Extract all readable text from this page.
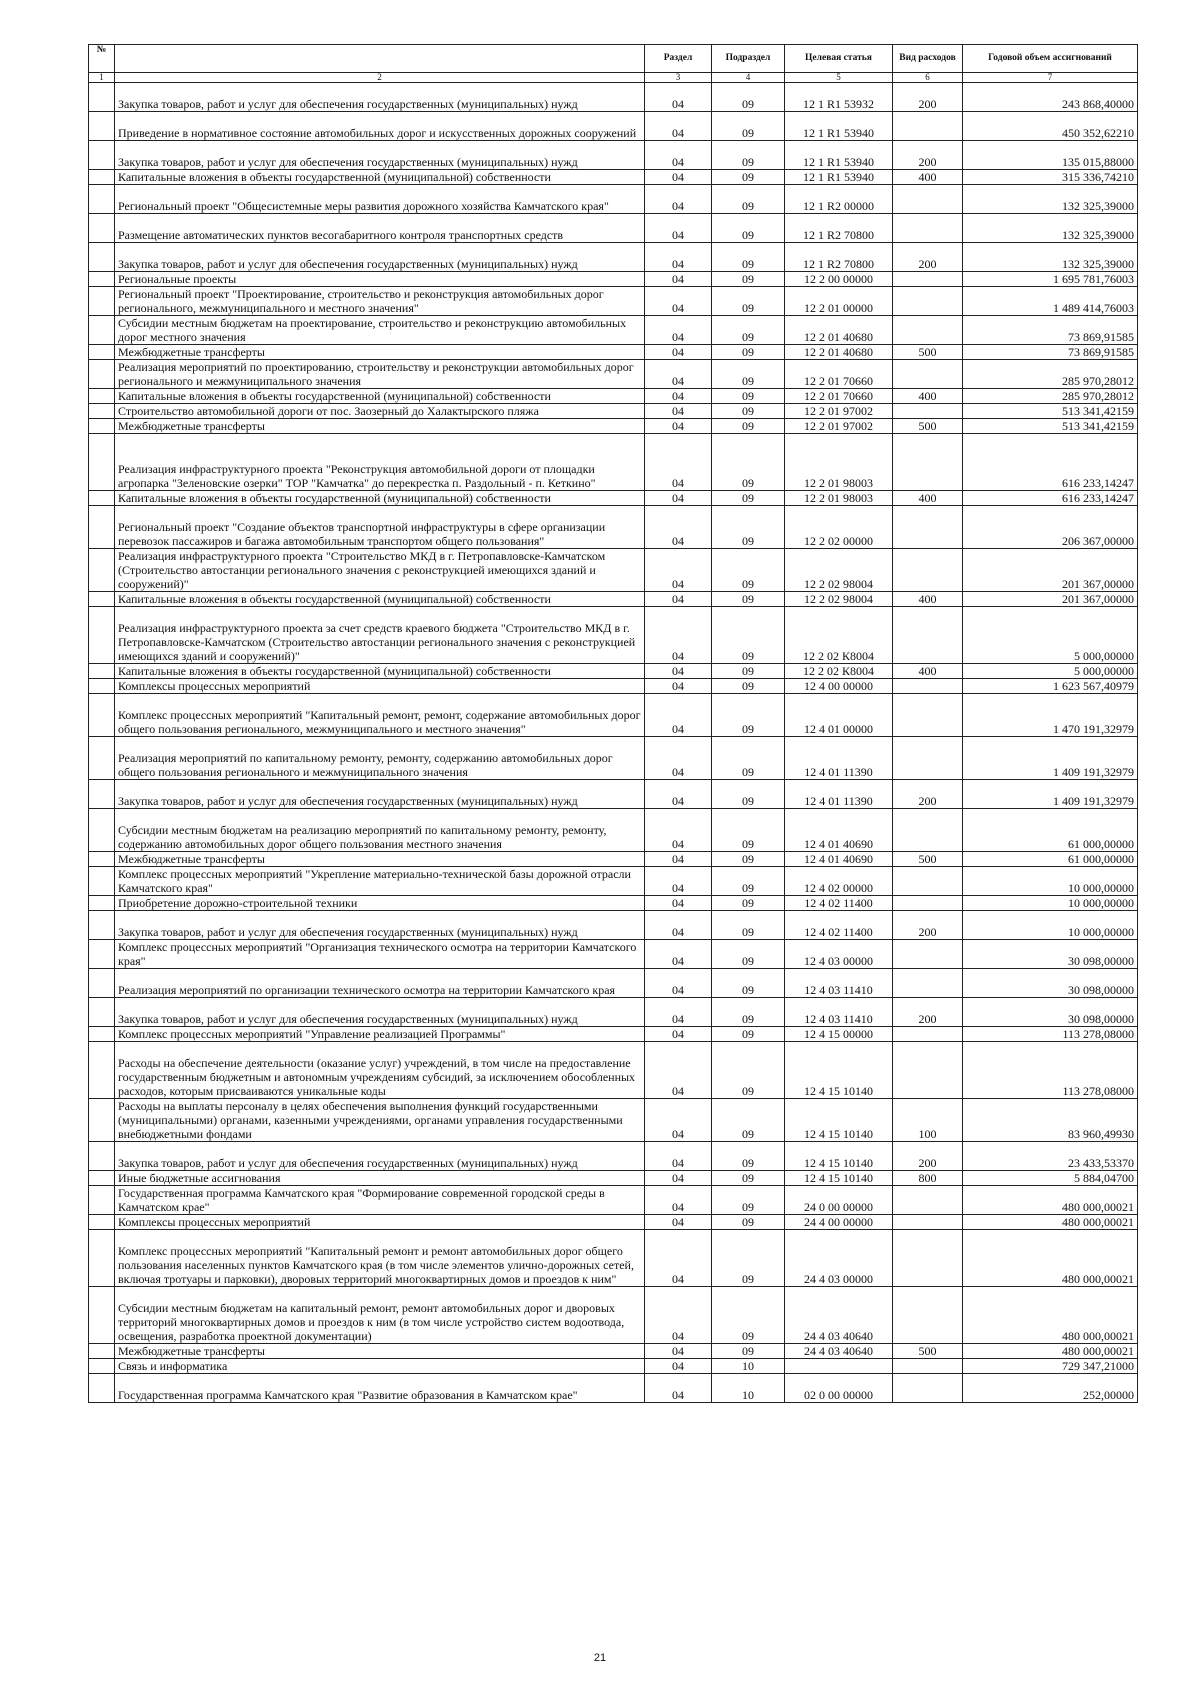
№		Раздел	Подраздел	Целевая статья	Вид расходов	Годовой объем ассигнований
1	2	3	4	5	6	7
	Закупка товаров, работ и услуг для обеспечения государственных (муниципальных) нужд	04	09	12 1 R1 53932	200	243 868,40000
	Приведение в нормативное состояние автомобильных дорог и искусственных дорожных сооружений	04	09	12 1 R1 53940		450 352,62210
	Закупка товаров, работ и услуг для обеспечения государственных (муниципальных) нужд	04	09	12 1 R1 53940	200	135 015,88000
	Капитальные вложения в объекты государственной (муниципальной) собственности	04	09	12 1 R1 53940	400	315 336,74210
	Региональный проект "Общесистемные меры развития дорожного хозяйства Камчатского края"	04	09	12 1 R2 00000		132 325,39000
	Размещение автоматических пунктов весогабаритного контроля транспортных средств	04	09	12 1 R2 70800		132 325,39000
	Закупка товаров, работ и услуг для обеспечения государственных (муниципальных) нужд	04	09	12 1 R2 70800	200	132 325,39000
	Региональные проекты	04	09	12 2 00 00000		1 695 781,76003
	Региональный проект "Проектирование, строительство и реконструкция автомобильных дорог регионального, межмуниципального и местного значения"	04	09	12 2 01 00000		1 489 414,76003
	Субсидии местным бюджетам на проектирование, строительство и реконструкцию автомобильных дорог местного значения	04	09	12 2 01 40680		73 869,91585
	Межбюджетные трансферты	04	09	12 2 01 40680	500	73 869,91585
	Реализация мероприятий по проектированию, строительству и реконструкции автомобильных дорог регионального и межмуниципального значения	04	09	12 2 01 70660		285 970,28012
	Капитальные вложения в объекты государственной (муниципальной) собственности	04	09	12 2 01 70660	400	285 970,28012
	Строительство автомобильной дороги от пос. Заозерный до Халактырского пляжа	04	09	12 2 01 97002		513 341,42159
	Межбюджетные трансферты	04	09	12 2 01 97002	500	513 341,42159
	Реализация инфраструктурного проекта "Реконструкция автомобильной дороги от площадки агропарка "Зеленовские озерки" ТОР "Камчатка" до перекрестка п. Раздольный - п. Кеткино"	04	09	12 2 01 98003		616 233,14247
	Капитальные вложения в объекты государственной (муниципальной) собственности	04	09	12 2 01 98003	400	616 233,14247
	Региональный проект "Создание объектов транспортной инфраструктуры в сфере организации перевозок пассажиров и багажа автомобильным транспортом общего пользования"	04	09	12 2 02 00000		206 367,00000
	Реализация инфраструктурного проекта "Строительство МКД в г. Петропавловске-Камчатском (Строительство автостанции регионального значения с реконструкцией имеющихся зданий и сооружений)"	04	09	12 2 02 98004		201 367,00000
	Капитальные вложения в объекты государственной (муниципальной) собственности	04	09	12 2 02 98004	400	201 367,00000
	Реализация инфраструктурного проекта за счет средств краевого бюджета "Строительство МКД в г. Петропавловске-Камчатском (Строительство автостанции регионального значения с реконструкцией имеющихся зданий и сооружений)"	04	09	12 2 02 К8004		5 000,00000
	Капитальные вложения в объекты государственной (муниципальной) собственности	04	09	12 2 02 К8004	400	5 000,00000
	Комплексы процессных мероприятий	04	09	12 4 00 00000		1 623 567,40979
	Комплекс процессных мероприятий "Капитальный ремонт, ремонт, содержание автомобильных дорог общего пользования регионального, межмуниципального и местного значения"	04	09	12 4 01 00000		1 470 191,32979
	Реализация мероприятий по капитальному ремонту, ремонту, содержанию автомобильных дорог общего пользования регионального и межмуниципального значения	04	09	12 4 01 11390		1 409 191,32979
	Закупка товаров, работ и услуг для обеспечения государственных (муниципальных) нужд	04	09	12 4 01 11390	200	1 409 191,32979
	Субсидии местным бюджетам на реализацию мероприятий по капитальному ремонту, ремонту, содержанию автомобильных дорог общего пользования местного значения	04	09	12 4 01 40690		61 000,00000
	Межбюджетные трансферты	04	09	12 4 01 40690	500	61 000,00000
	Комплекс процессных мероприятий "Укрепление материально-технической базы дорожной отрасли Камчатского края"	04	09	12 4 02 00000		10 000,00000
	Приобретение дорожно-строительной техники	04	09	12 4 02 11400		10 000,00000
	Закупка товаров, работ и услуг для обеспечения государственных (муниципальных) нужд	04	09	12 4 02 11400	200	10 000,00000
	Комплекс процессных мероприятий "Организация технического осмотра на территории Камчатского края"	04	09	12 4 03 00000		30 098,00000
	Реализация мероприятий по организации технического осмотра на территории Камчатского края	04	09	12 4 03 11410		30 098,00000
	Закупка товаров, работ и услуг для обеспечения государственных (муниципальных) нужд	04	09	12 4 03 11410	200	30 098,00000
	Комплекс процессных мероприятий "Управление реализацией Программы"	04	09	12 4 15 00000		113 278,08000
	Расходы на обеспечение деятельности (оказание услуг) учреждений, в том числе на предоставление государственным бюджетным и автономным учреждениям субсидий, за исключением обособленных расходов, которым присваиваются уникальные коды	04	09	12 4 15 10140		113 278,08000
	Расходы на выплаты персоналу в целях обеспечения выполнения функций государственными (муниципальными) органами, казенными учреждениями, органами управления государственными внебюджетными фондами	04	09	12 4 15 10140	100	83 960,49930
	Закупка товаров, работ и услуг для обеспечения государственных (муниципальных) нужд	04	09	12 4 15 10140	200	23 433,53370
	Иные бюджетные ассигнования	04	09	12 4 15 10140	800	5 884,04700
	Государственная программа Камчатского края "Формирование современной городской среды в Камчатском крае"	04	09	24 0 00 00000		480 000,00021
	Комплексы процессных мероприятий	04	09	24 4 00 00000		480 000,00021
	Комплекс процессных мероприятий "Капитальный ремонт и ремонт автомобильных дорог общего пользования населенных пунктов Камчатского края (в том числе элементов улично-дорожных сетей, включая тротуары и парковки), дворовых территорий многоквартирных домов и проездов к ним"	04	09	24 4 03 00000		480 000,00021
	Субсидии местным бюджетам на капитальный ремонт, ремонт автомобильных дорог и дворовых территорий многоквартирных домов и проездов к ним (в том числе устройство систем водоотвода, освещения, разработка проектной документации)	04	09	24 4 03 40640		480 000,00021
	Межбюджетные трансферты	04	09	24 4 03 40640	500	480 000,00021
	Связь и информатика	04	10			729 347,21000
	Государственная программа Камчатского края "Развитие образования в Камчатском крае"	04	10	02 0 00 00000		252,00000
21
